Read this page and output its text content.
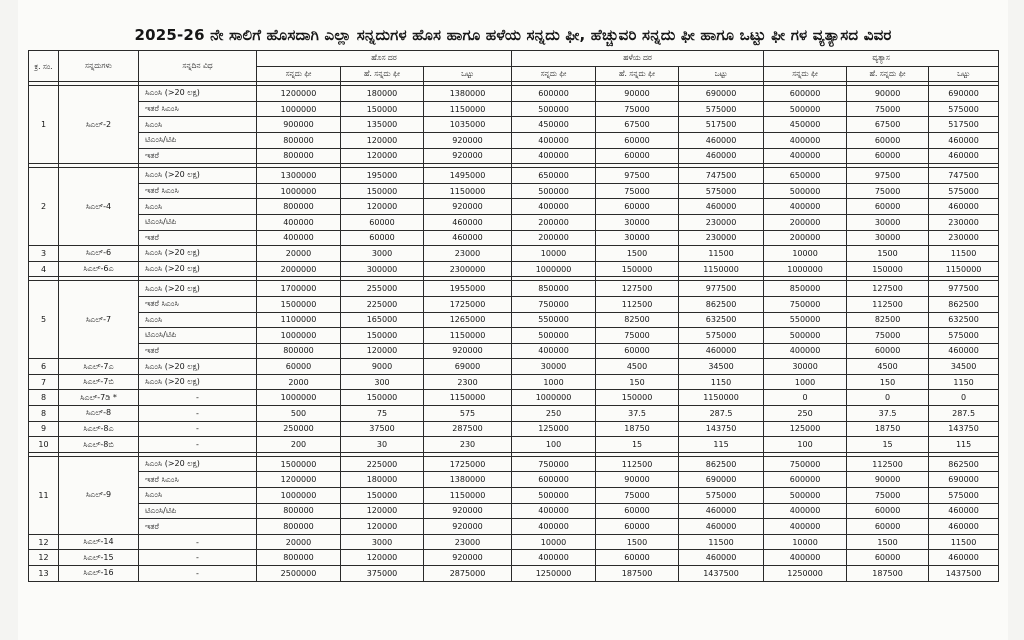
2025-26 ನೇ ಸಾಲಿಗೆ ಹೊಸದಾಗಿ ಎಲ್ಲಾ ಸನ್ನದುಗಳ ಹೊಸ ಹಾಗೂ ಹಳೆಯ ಸನ್ನದು ಫೀ, ಹೆಚ್ಚುವರಿ ಸನ್ನದು ಫೀ ಹಾಗೂ ಒಟ್ಟು ಫೀ ಗಳ ವ್ಯತ್ಯಾಸದ ವಿವರ
ಕ್ರ. ಸಂ.	ಸನ್ನದುಗಳು	ಸನ್ನದಿನ ವಿಧ	ಹೊಸ ದರ			ಹಳೆಯ ದರ			ವ್ಯತ್ಯಾಸ		
			ಸನ್ನದು ಫೀ	ಹೆ. ಸನ್ನದು ಫೀ	ಒಟ್ಟು	ಸನ್ನದು ಫೀ	ಹೆ. ಸನ್ನದು ಫೀ	ಒಟ್ಟು	ಸನ್ನದು ಫೀ	ಹೆ. ಸನ್ನದು ಫೀ	ಒಟ್ಟು

1	ಸಿಎಲ್-2	ಸಿಎಂಸಿ (>20 ಲಕ್ಷ)	1200000	180000	1380000	600000	90000	690000	600000	90000	690000
		ಇತರೆ ಸಿಎಂಸಿ	1000000	150000	1150000	500000	75000	575000	500000	75000	575000
		ಸಿಎಂಸಿ	900000	135000	1035000	450000	67500	517500	450000	67500	517500
		ಟಿಎಂಸಿ/ಟಿಪಿ	800000	120000	920000	400000	60000	460000	400000	60000	460000
		ಇತರೆ	800000	120000	920000	400000	60000	460000	400000	60000	460000

2	ಸಿಎಲ್-4	ಸಿಎಂಸಿ (>20 ಲಕ್ಷ)	1300000	195000	1495000	650000	97500	747500	650000	97500	747500
		ಇತರೆ ಸಿಎಂಸಿ	1000000	150000	1150000	500000	75000	575000	500000	75000	575000
		ಸಿಎಂಸಿ	800000	120000	920000	400000	60000	460000	400000	60000	460000
		ಟಿಎಂಸಿ/ಟಿಪಿ	400000	60000	460000	200000	30000	230000	200000	30000	230000
		ಇತರೆ	400000	60000	460000	200000	30000	230000	200000	30000	230000
3	ಸಿಎಲ್-6	ಸಿಎಂಸಿ (>20 ಲಕ್ಷ)	20000	3000	23000	10000	1500	11500	10000	1500	11500
4	ಸಿಎಲ್-6ಎ	ಸಿಎಂಸಿ (>20 ಲಕ್ಷ)	2000000	300000	2300000	1000000	150000	1150000	1000000	150000	1150000

5	ಸಿಎಲ್-7	ಸಿಎಂಸಿ (>20 ಲಕ್ಷ)	1700000	255000	1955000	850000	127500	977500	850000	127500	977500
		ಇತರೆ ಸಿಎಂಸಿ	1500000	225000	1725000	750000	112500	862500	750000	112500	862500
		ಸಿಎಂಸಿ	1100000	165000	1265000	550000	82500	632500	550000	82500	632500
		ಟಿಎಂಸಿ/ಟಿಪಿ	1000000	150000	1150000	500000	75000	575000	500000	75000	575000
		ಇತರೆ	800000	120000	920000	400000	60000	460000	400000	60000	460000
6	ಸಿಎಲ್-7ಎ	ಸಿಎಂಸಿ (>20 ಲಕ್ಷ)	60000	9000	69000	30000	4500	34500	30000	4500	34500
7	ಸಿಎಲ್-7ಬಿ	ಸಿಎಂಸಿ (>20 ಲಕ್ಷ)	2000	300	2300	1000	150	1150	1000	150	1150
8	ಸಿಎಲ್-7ಡಿ *	-	1000000	150000	1150000	1000000	150000	1150000	0	0	0
8	ಸಿಎಲ್-8	-	500	75	575	250	37.5	287.5	250	37.5	287.5
9	ಸಿಎಲ್-8ಎ	-	250000	37500	287500	125000	18750	143750	125000	18750	143750
10	ಸಿಎಲ್-8ಬಿ	-	200	30	230	100	15	115	100	15	115

11	ಸಿಎಲ್-9	ಸಿಎಂಸಿ (>20 ಲಕ್ಷ)	1500000	225000	1725000	750000	112500	862500	750000	112500	862500
		ಇತರೆ ಸಿಎಂಸಿ	1200000	180000	1380000	600000	90000	690000	600000	90000	690000
		ಸಿಎಂಸಿ	1000000	150000	1150000	500000	75000	575000	500000	75000	575000
		ಟಿಎಂಸಿ/ಟಿಪಿ	800000	120000	920000	400000	60000	460000	400000	60000	460000
		ಇತರೆ	800000	120000	920000	400000	60000	460000	400000	60000	460000
12	ಸಿಎಲ್-14	-	20000	3000	23000	10000	1500	11500	10000	1500	11500
12	ಸಿಎಲ್-15	-	800000	120000	920000	400000	60000	460000	400000	60000	460000
13	ಸಿಎಲ್-16	-	2500000	375000	2875000	1250000	187500	1437500	1250000	187500	1437500
